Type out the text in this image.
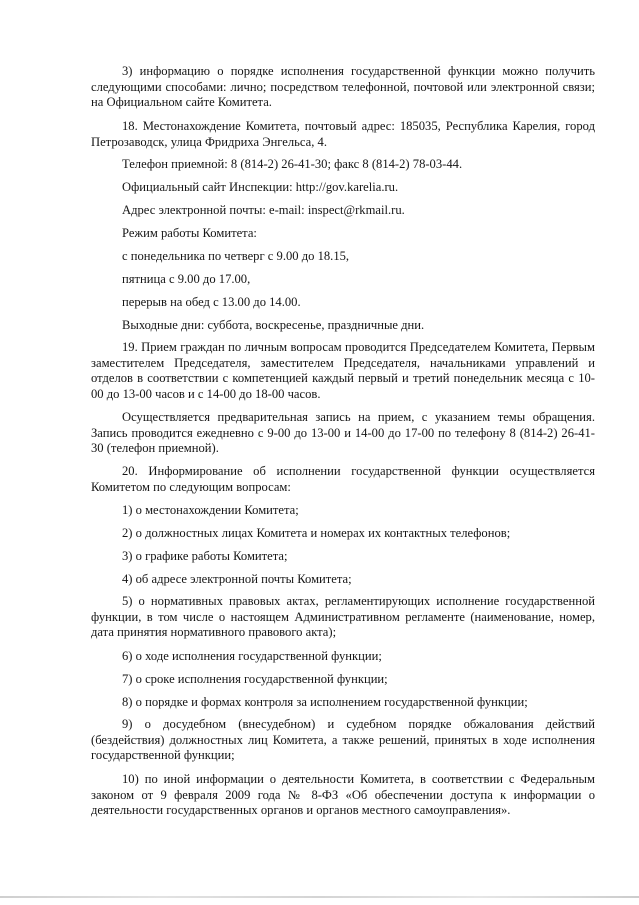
3) информацию о порядке исполнения государственной функции можно получить следующими способами: лично; посредством телефонной, почтовой или электронной связи; на Официальном сайте Комитета.

18. Местонахождение Комитета, почтовый адрес: 185035, Республика Карелия, город Петрозаводск, улица Фридриха Энгельса, 4.

Телефон приемной: 8 (814-2) 26-41-30; факс 8 (814-2) 78-03-44.

Официальный сайт Инспекции: http://gov.karelia.ru.

Адрес электронной почты: e-mail: inspect@rkmail.ru.

Режим работы Комитета:

с понедельника по четверг с 9.00 до 18.15,

пятница с 9.00 до 17.00,

перерыв на обед с 13.00 до 14.00.

Выходные дни: суббота, воскресенье, праздничные дни.

19. Прием граждан по личным вопросам проводится Председателем Комитета, Первым заместителем Председателя, заместителем Председателя, начальниками управлений и отделов в соответствии с компетенцией каждый первый и третий понедельник месяца с 10-00 до 13-00 часов и с 14-00 до 18-00 часов.

Осуществляется предварительная запись на прием, с указанием темы обращения. Запись проводится ежедневно с 9-00 до 13-00 и 14-00 до 17-00 по телефону 8 (814-2) 26-41-30 (телефон приемной).

20. Информирование об исполнении государственной функции осуществляется Комитетом по следующим вопросам:

1) о местонахождении Комитета;

2) о должностных лицах Комитета и номерах их контактных телефонов;

3) о графике работы Комитета;

4) об адресе электронной почты Комитета;

5) о нормативных правовых актах, регламентирующих исполнение государственной функции, в том числе о настоящем Административном регламенте (наименование, номер, дата принятия нормативного правового акта);

6) о ходе исполнения государственной функции;

7) о сроке исполнения государственной функции;

8) о порядке и формах контроля за исполнением государственной функции;

9) о досудебном (внесудебном) и судебном порядке обжалования действий (бездействия) должностных лиц Комитета, а также решений, принятых в ходе исполнения государственной функции;

10) по иной информации о деятельности Комитета, в соответствии с Федеральным законом от 9 февраля 2009 года № 8-ФЗ «Об обеспечении доступа к информации о деятельности государственных органов и органов местного самоуправления».
